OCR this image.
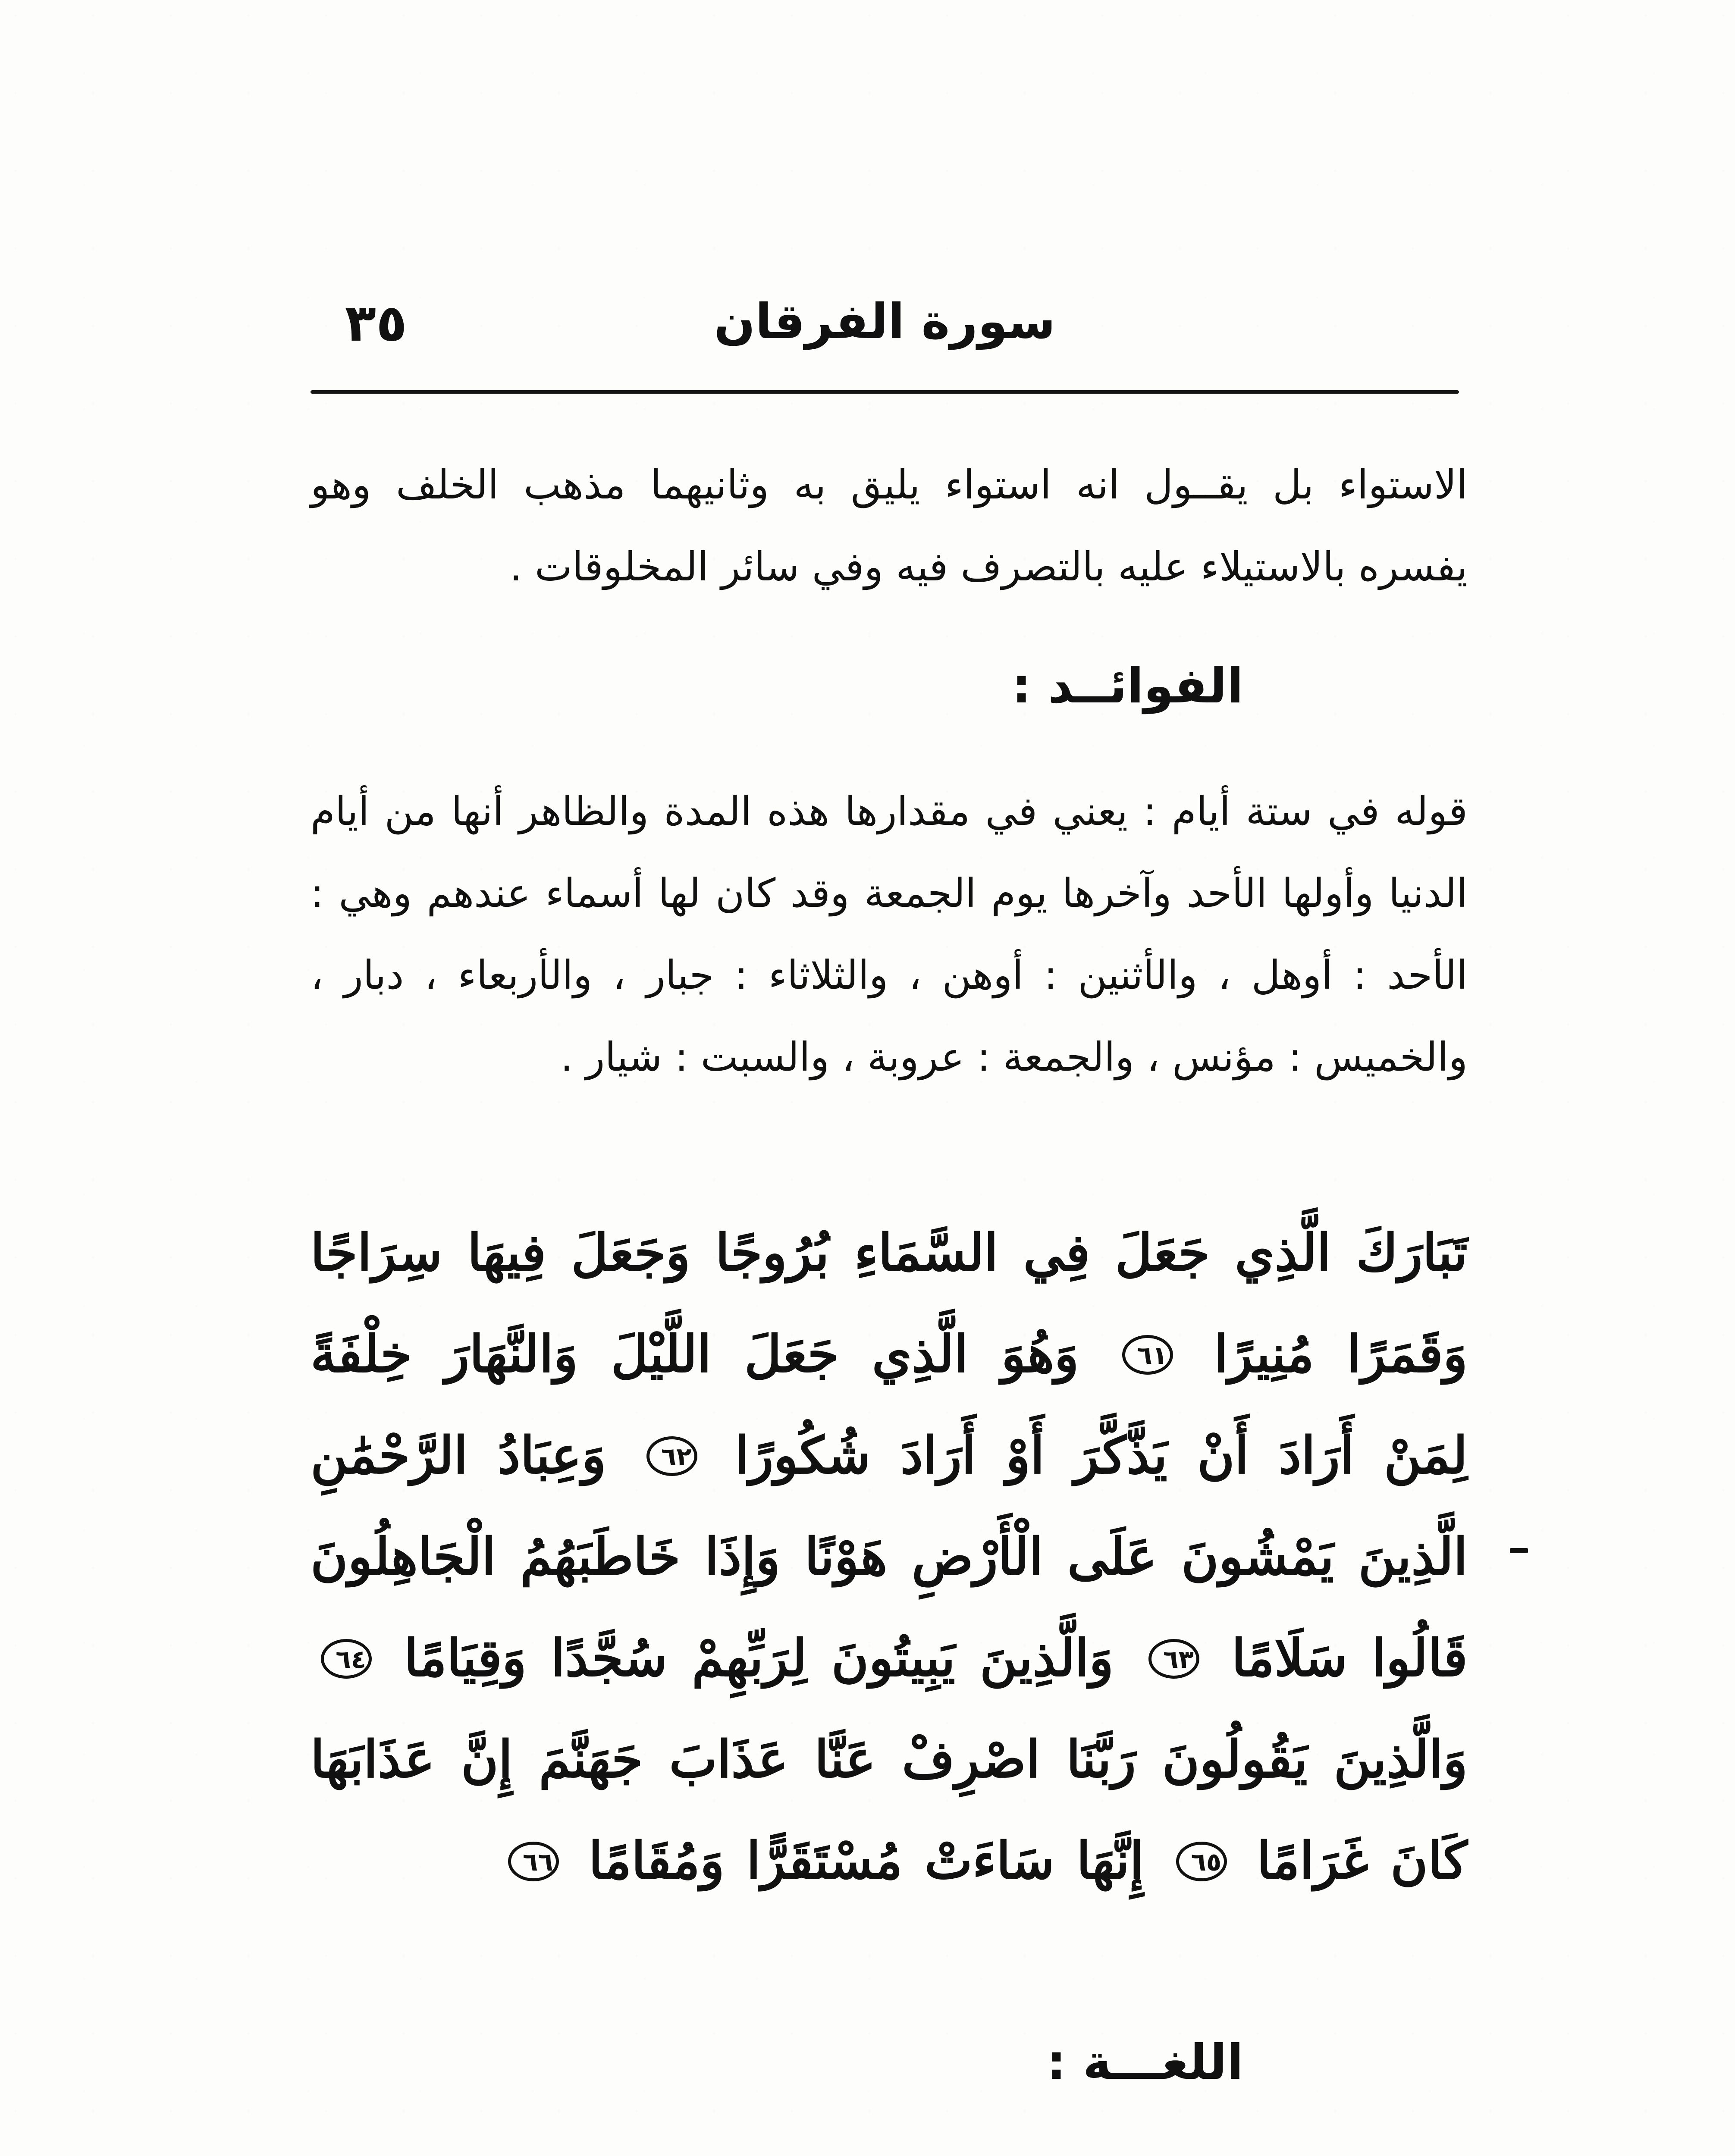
٣٥	سورة الفرقان

الاستواء بل يقــول انه استواء يليق به وثانيهما مذهب الخلف وهو يفسره بالاستيلاء عليه بالتصرف فيه وفي سائر المخلوقات .

الفوائــد :

قوله في ستة أيام : يعني في مقدارها هذه المدة والظاهر أنها من أيام الدنيا وأولها الأحد وآخرها يوم الجمعة وقد كان لها أسماء عندهم وهي : الأحد : أوهل ، والأثنين : أوهن ، والثلاثاء : جبار ، والأربعاء ، دبار ، والخميس : مؤنس ، والجمعة : عروبة ، والسبت : شيار .

تَبَارَكَ الَّذِي جَعَلَ فِي السَّمَاءِ بُرُوجًا وَجَعَلَ فِيهَا سِرَاجًا وَقَمَرًا مُنِيرًا ٦١ وَهُوَ الَّذِي جَعَلَ اللَّيْلَ وَالنَّهَارَ خِلْفَةً لِمَنْ أَرَادَ أَنْ يَذَّكَّرَ أَوْ أَرَادَ شُكُورًا ٦٢ وَعِبَادُ الرَّحْمَٰنِ الَّذِينَ يَمْشُونَ عَلَى الْأَرْضِ هَوْنًا وَإِذَا خَاطَبَهُمُ الْجَاهِلُونَ قَالُوا سَلَامًا ٦٣ وَالَّذِينَ يَبِيتُونَ لِرَبِّهِمْ سُجَّدًا وَقِيَامًا ٦٤ وَالَّذِينَ يَقُولُونَ رَبَّنَا اصْرِفْ عَنَّا عَذَابَ جَهَنَّمَ إِنَّ عَذَابَهَا كَانَ غَرَامًا ٦٥ إِنَّهَا سَاءَتْ مُسْتَقَرًّا وَمُقَامًا ٦٦
اللغـــة :
